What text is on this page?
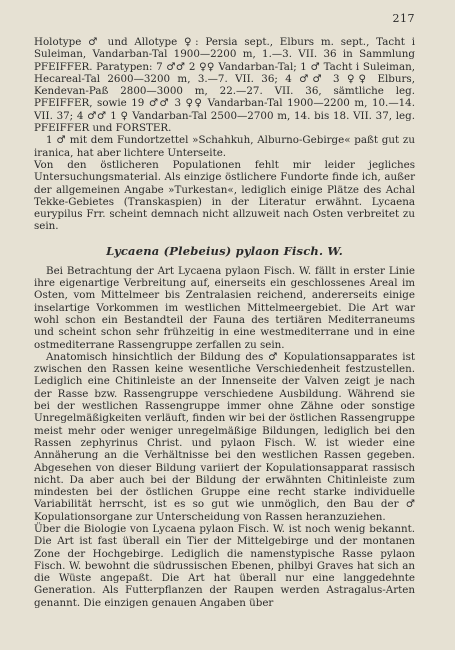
217

Holotype ♂ und Allotype ♀: Persia sept., Elburs m. sept., Tacht i Suleiman, Vandarban-Tal 1900—2200 m, 1.—3. VII. 36 in Sammlung PFEIFFER. Paratypen: 7 ♂♂ 2 ♀♀ Vandarban-Tal; 1 ♂ Tacht i Suleiman, Hecareal-Tal 2600—3200 m, 3.—7. VII. 36; 4 ♂♂ 3 ♀♀ Elburs, Kendevan-Paß 2800—3000 m, 22.—27. VII. 36, sämtliche leg. PFEIFFER, sowie 19 ♂♂ 3 ♀♀ Vandarban-Tal 1900—2200 m, 10.—14. VII. 37; 4 ♂♂ 1 ♀ Vandarban-Tal 2500—2700 m, 14. bis 18. VII. 37, leg. PFEIFFER und FORSTER.

1 ♂ mit dem Fundortzettel »Schahkuh, Alburno-Gebirge« paßt gut zu iranica, hat aber lichtere Unterseite.

Von den östlicheren Populationen fehlt mir leider jegliches Untersuchungsmaterial. Als einzige östlichere Fundorte finde ich, außer der allgemeinen Angabe »Turkestan«, lediglich einige Plätze des Achal Tekke-Gebietes (Transkaspien) in der Literatur erwähnt. Lycaena eurypilus Frr. scheint demnach nicht allzuweit nach Osten verbreitet zu sein.

Lycaena (Plebeius) pylaon Fisch. W.

Bei Betrachtung der Art Lycaena pylaon Fisch. W. fällt in erster Linie ihre eigenartige Verbreitung auf, einerseits ein geschlossenes Areal im Osten, vom Mittelmeer bis Zentralasien reichend, andererseits einige inselartige Vorkommen im westlichen Mittelmeergebiet. Die Art war wohl schon ein Bestandteil der Fauna des tertiären Mediterraneums und scheint schon sehr frühzeitig in eine westmediterrane und in eine ostmediterrane Rassengruppe zerfallen zu sein.

Anatomisch hinsichtlich der Bildung des ♂ Kopulationsapparates ist zwischen den Rassen keine wesentliche Verschiedenheit festzustellen. Lediglich eine Chitinleiste an der Innenseite der Valven zeigt je nach der Rasse bzw. Rassengruppe verschiedene Ausbildung. Während sie bei der westlichen Rassengruppe immer ohne Zähne oder sonstige Unregelmäßigkeiten verläuft, finden wir bei der östlichen Rassengruppe meist mehr oder weniger unregelmäßige Bildungen, lediglich bei den Rassen zephyrinus Christ. und pylaon Fisch. W. ist wieder eine Annäherung an die Verhältnisse bei den westlichen Rassen gegeben. Abgesehen von dieser Bildung variiert der Kopulationsapparat rassisch nicht. Da aber auch bei der Bildung der erwähnten Chitinleiste zum mindesten bei der östlichen Gruppe eine recht starke individuelle Variabilität herrscht, ist es so gut wie unmöglich, den Bau der ♂ Kopulationsorgane zur Unterscheidung von Rassen heranzuziehen.

Über die Biologie von Lycaena pylaon Fisch. W. ist noch wenig bekannt. Die Art ist fast überall ein Tier der Mittelgebirge und der montanen Zone der Hochgebirge. Lediglich die namenstypische Rasse pylaon Fisch. W. bewohnt die südrussischen Ebenen, philbyi Graves hat sich an die Wüste angepaßt. Die Art hat überall nur eine langgedehnte Generation. Als Futterpflanzen der Raupen werden Astragalus-Arten genannt. Die einzigen genauen Angaben über
